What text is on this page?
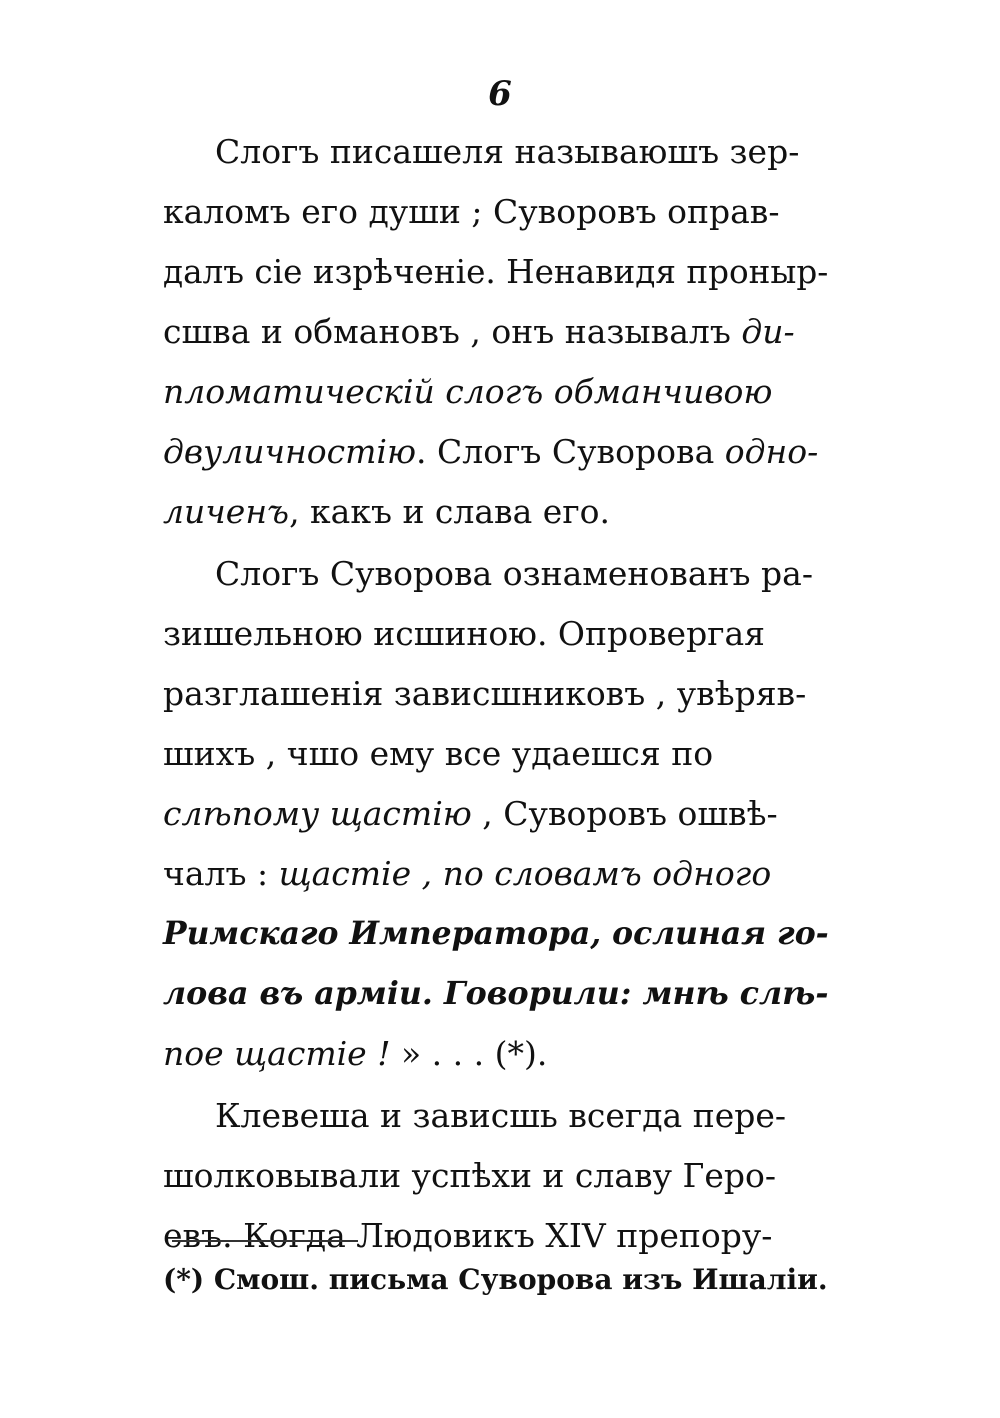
6
Слогъ писашеля называюшъ зер-
каломъ его души ; Суворовъ оправ-
далъ сіе изрѣченіе. Ненавидя проныр-
сшва и обмановъ , онъ называлъ ди-
пломатическій слогъ обманчивою
двуличностію. Слогъ Суворова одно-
личенъ, какъ и слава его.
Слогъ Суворова ознаменованъ ра-
зишельною исшиною. Опровергая
разглашенія зависшниковъ , увѣряв-
шихъ , чшо ему все удаешся по
слѣпому щастію , Суворовъ ошвѣ-
чалъ : щастіе , по словамъ одного
Римскаго Императора, ослиная го-
лова въ арміи. Говорили: мнѣ слѣ-
пое щастіе ! » . . . (*).
Клевеша и зависшь всегда пере-
шолковывали успѣхи и славу Геро-
евъ. Когда Людовикъ XIV препору-
(*) Смош. письма Суворова изъ Ишаліи.
